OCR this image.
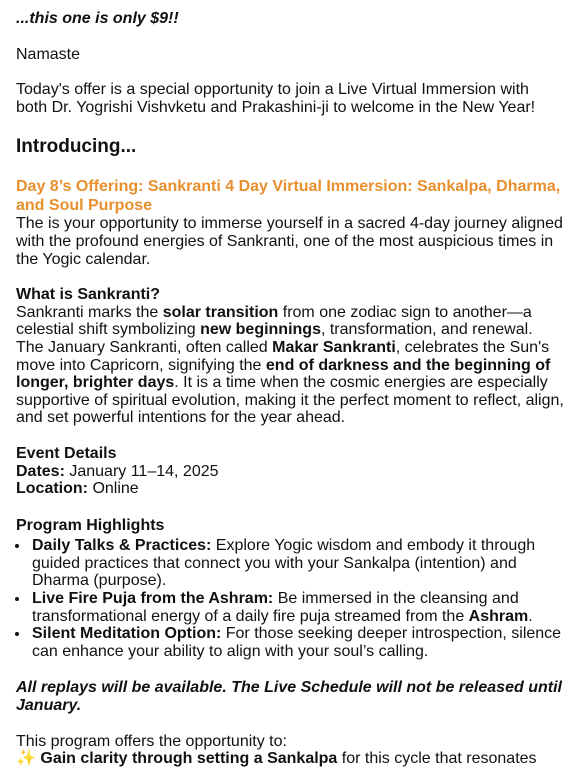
...this one is only $9!!

Namaste

Today's offer is a special opportunity to join a Live Virtual Immersion with both Dr. Yogrishi Vishvketu and Prakashini-ji to welcome in the New Year!

Introducing...

Day 8’s Offering: Sankranti 4 Day Virtual Immersion: Sankalpa, Dharma, and Soul Purpose

The is your opportunity to immerse yourself in a sacred 4-day journey aligned with the profound energies of Sankranti, one of the most auspicious times in the Yogic calendar.

What is Sankranti?

Sankranti marks the solar transition from one zodiac sign to another—a celestial shift symbolizing new beginnings, transformation, and renewal. The January Sankranti, often called Makar Sankranti, celebrates the Sun's move into Capricorn, signifying the end of darkness and the beginning of longer, brighter days. It is a time when the cosmic energies are especially supportive of spiritual evolution, making it the perfect moment to reflect, align, and set powerful intentions for the year ahead.

Event Details

Dates: January 11–14, 2025

Location: Online

Program Highlights

• Daily Talks & Practices: Explore Yogic wisdom and embody it through guided practices that connect you with your Sankalpa (intention) and Dharma (purpose).
• Live Fire Puja from the Ashram: Be immersed in the cleansing and transformational energy of a daily fire puja streamed from the Ashram.
• Silent Meditation Option: For those seeking deeper introspection, silence can enhance your ability to align with your soul’s calling.

All replays will be available. The Live Schedule will not be released until January.

This program offers the opportunity to:

✨ Gain clarity through setting a Sankalpa for this cycle that resonates
